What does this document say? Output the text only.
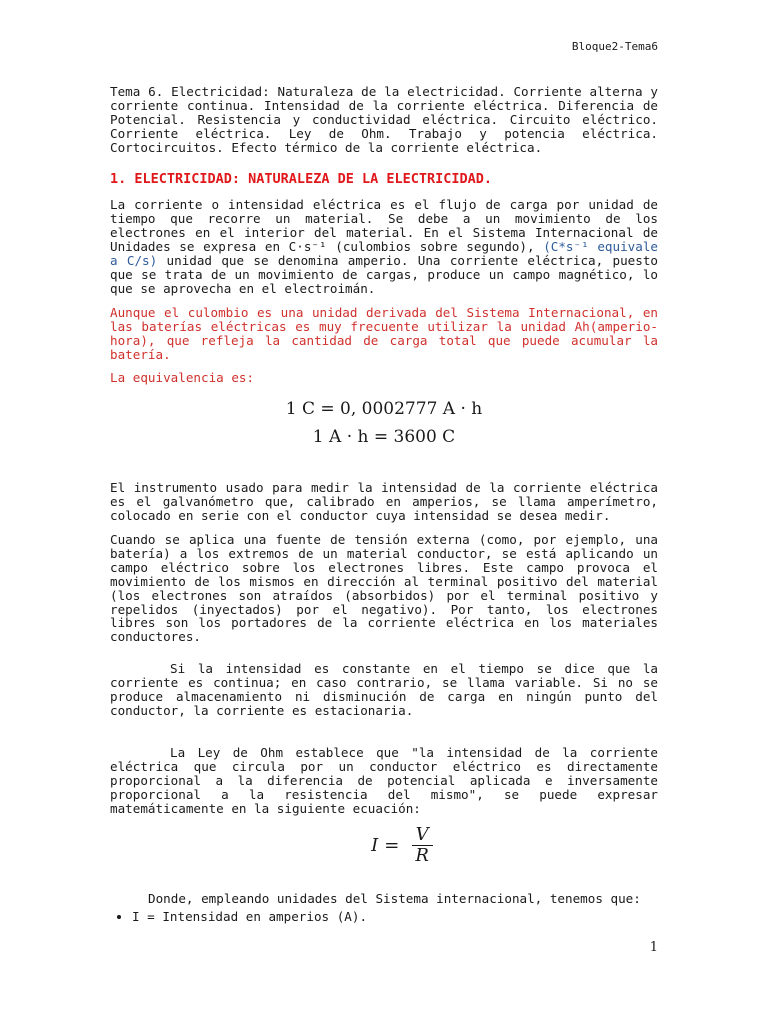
Bloque2-Tema6

Tema 6. Electricidad: Naturaleza de la electricidad. Corriente alterna y corriente continua. Intensidad de la corriente eléctrica. Diferencia de Potencial. Resistencia y conductividad eléctrica. Circuito eléctrico. Corriente eléctrica. Ley de Ohm. Trabajo y potencia eléctrica. Cortocircuitos. Efecto térmico de la corriente eléctrica.

1. ELECTRICIDAD: NATURALEZA DE LA ELECTRICIDAD.

La corriente o intensidad eléctrica es el flujo de carga por unidad de tiempo que recorre un material. Se debe a un movimiento de los electrones en el interior del material. En el Sistema Internacional de Unidades se expresa en C·s⁻¹ (culombios sobre segundo), (C*s⁻¹ equivale a C/s) unidad que se denomina amperio. Una corriente eléctrica, puesto que se trata de un movimiento de cargas, produce un campo magnético, lo que se aprovecha en el electroimán.

Aunque el culombio es una unidad derivada del Sistema Internacional, en las baterías eléctricas es muy frecuente utilizar la unidad Ah(amperio-hora), que refleja la cantidad de carga total que puede acumular la batería.

La equivalencia es:

1 C = 0, 0002777 A · h
1 A · h = 3600 C

El instrumento usado para medir la intensidad de la corriente eléctrica es el galvanómetro que, calibrado en amperios, se llama amperímetro, colocado en serie con el conductor cuya intensidad se desea medir.

Cuando se aplica una fuente de tensión externa (como, por ejemplo, una batería) a los extremos de un material conductor, se está aplicando un campo eléctrico sobre los electrones libres. Este campo provoca el movimiento de los mismos en dirección al terminal positivo del material (los electrones son atraídos (absorbidos) por el terminal positivo y repelidos (inyectados) por el negativo). Por tanto, los electrones libres son los portadores de la corriente eléctrica en los materiales conductores.

Si la intensidad es constante en el tiempo se dice que la corriente es continua; en caso contrario, se llama variable. Si no se produce almacenamiento ni disminución de carga en ningún punto del conductor, la corriente es estacionaria.

La Ley de Ohm establece que "la intensidad de la corriente eléctrica que circula por un conductor eléctrico es directamente proporcional a la diferencia de potencial aplicada e inversamente proporcional a la resistencia del mismo", se puede expresar matemáticamente en la siguiente ecuación:

$I = \frac{V}{R}$

Donde, empleando unidades del Sistema internacional, tenemos que:

• I = Intensidad en amperios (A).
1
